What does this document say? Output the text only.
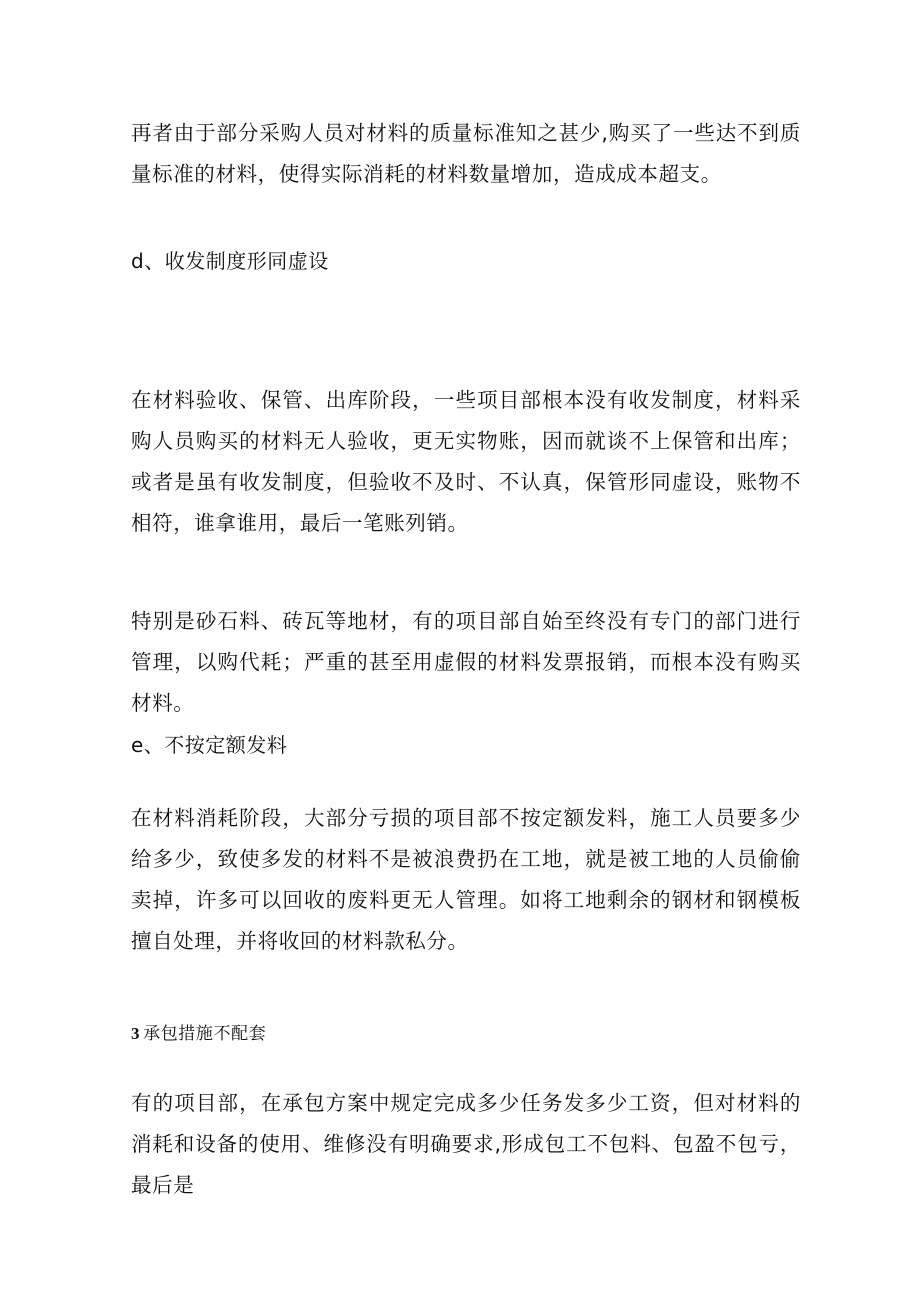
再者由于部分采购人员对材料的质量标准知之甚少,购买了一些达不到质量标准的材料，使得实际消耗的材料数量增加，造成成本超支。

d、收发制度形同虚设

在材料验收、保管、出库阶段，一些项目部根本没有收发制度，材料采购人员购买的材料无人验收，更无实物账，因而就谈不上保管和出库；或者是虽有收发制度，但验收不及时、不认真，保管形同虚设，账物不相符，谁拿谁用，最后一笔账列销。

特别是砂石料、砖瓦等地材，有的项目部自始至终没有专门的部门进行管理，以购代耗；严重的甚至用虚假的材料发票报销，而根本没有购买材料。

e、不按定额发料

在材料消耗阶段，大部分亏损的项目部不按定额发料，施工人员要多少给多少，致使多发的材料不是被浪费扔在工地，就是被工地的人员偷偷卖掉，许多可以回收的废料更无人管理。如将工地剩余的钢材和钢模板擅自处理，并将收回的材料款私分。

3 承包措施不配套

有的项目部，在承包方案中规定完成多少任务发多少工资，但对材料的消耗和设备的使用、维修没有明确要求,形成包工不包料、包盈不包亏，最后是
